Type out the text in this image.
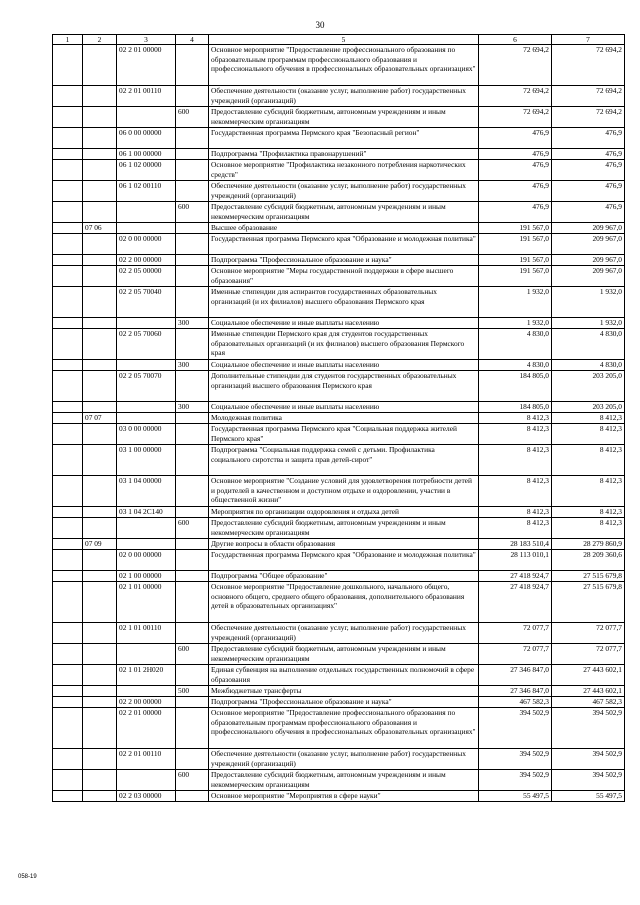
30
1	2	3	4	5	6	7
		02 2 01 00000		Основное мероприятие "Предоставление профессионального образования по образовательным программам профессионального образования и профессионального обучения в профессиональных образовательных организациях"	72 694,2	72 694,2
		02 2 01 00110		Обеспечение деятельности (оказание услуг, выполнение работ) государственных учреждений (организаций)	72 694,2	72 694,2
			600	Предоставление субсидий бюджетным, автономным учреждениям и иным некоммерческим организациям	72 694,2	72 694,2
		06 0 00 00000		Государственная программа Пермского края "Безопасный регион"	476,9	476,9
		06 1 00 00000		Подпрограмма "Профилактика правонарушений"	476,9	476,9
		06 1 02 00000		Основное мероприятие "Профилактика незаконного потребления наркотических средств"	476,9	476,9
		06 1 02 00110		Обеспечение деятельности (оказание услуг, выполнение работ) государственных учреждений (организаций)	476,9	476,9
			600	Предоставление субсидий бюджетным, автономным учреждениям и иным некоммерческим организациям	476,9	476,9
	07 06			Высшее образование	191 567,0	209 967,0
		02 0 00 00000		Государственная программа Пермского края "Образование и молодежная политика"	191 567,0	209 967,0
		02 2 00 00000		Подпрограмма "Профессиональное образование и наука"	191 567,0	209 967,0
		02 2 05 00000		Основное мероприятие "Меры государственной поддержки в сфере высшего образования"	191 567,0	209 967,0
		02 2 05 70040		Именные стипендии для аспирантов государственных образовательных организаций (и их филиалов) высшего образования Пермского края	1 932,0	1 932,0
			300	Социальное обеспечение и иные выплаты населению	1 932,0	1 932,0
		02 2 05 70060		Именные стипендии Пермского края для студентов государственных образовательных организаций (и их филиалов) высшего образования Пермского края	4 830,0	4 830,0
			300	Социальное обеспечение и иные выплаты населению	4 830,0	4 830,0
		02 2 05 70070		Дополнительные стипендии для студентов государственных образовательных организаций высшего образования Пермского края	184 805,0	203 205,0
			300	Социальное обеспечение и иные выплаты населению	184 805,0	203 205,0
	07 07			Молодежная политика	8 412,3	8 412,3
		03 0 00 00000		Государственная программа Пермского края "Социальная поддержка жителей Пермского края"	8 412,3	8 412,3
		03 1 00 00000		Подпрограмма "Социальная поддержка семей с детьми. Профилактика социального сиротства и защита прав детей-сирот"	8 412,3	8 412,3
		03 1 04 00000		Основное мероприятие "Создание условий для удовлетворения потребности детей и родителей в качественном и доступном отдыхе и оздоровлении, участии в общественной жизни"	8 412,3	8 412,3
		03 1 04 2С140		Мероприятия по организации оздоровления и отдыха детей	8 412,3	8 412,3
			600	Предоставление субсидий бюджетным, автономным учреждениям и иным некоммерческим организациям	8 412,3	8 412,3
	07 09			Другие вопросы в области образования	28 183 510,4	28 279 860,9
		02 0 00 00000		Государственная программа Пермского края "Образование и молодежная политика"	28 113 010,1	28 209 360,6
		02 1 00 00000		Подпрограмма "Общее образование"	27 418 924,7	27 515 679,8
		02 1 01 00000		Основное мероприятие "Предоставление дошкольного, начального общего, основного общего, среднего общего образования, дополнительного образования детей в образовательных организациях"	27 418 924,7	27 515 679,8
		02 1 01 00110		Обеспечение деятельности (оказание услуг, выполнение работ) государственных учреждений (организаций)	72 077,7	72 077,7
			600	Предоставление субсидий бюджетным, автономным учреждениям и иным некоммерческим организациям	72 077,7	72 077,7
		02 1 01 2Н020		Единая субвенция на выполнение отдельных государственных полномочий в сфере образования	27 346 847,0	27 443 602,1
			500	Межбюджетные трансферты	27 346 847,0	27 443 602,1
		02 2 00 00000		Подпрограмма "Профессиональное образование и наука"	467 582,3	467 582,3
		02 2 01 00000		Основное мероприятие "Предоставление профессионального образования по образовательным программам профессионального образования и профессионального обучения в профессиональных образовательных организациях"	394 502,9	394 502,9
		02 2 01 00110		Обеспечение деятельности (оказание услуг, выполнение работ) государственных учреждений (организаций)	394 502,9	394 502,9
			600	Предоставление субсидий бюджетным, автономным учреждениям и иным некоммерческим организациям	394 502,9	394 502,9
		02 2 03 00000		Основное мероприятие "Мероприятия в сфере науки"	55 497,5	55 497,5
058-19
